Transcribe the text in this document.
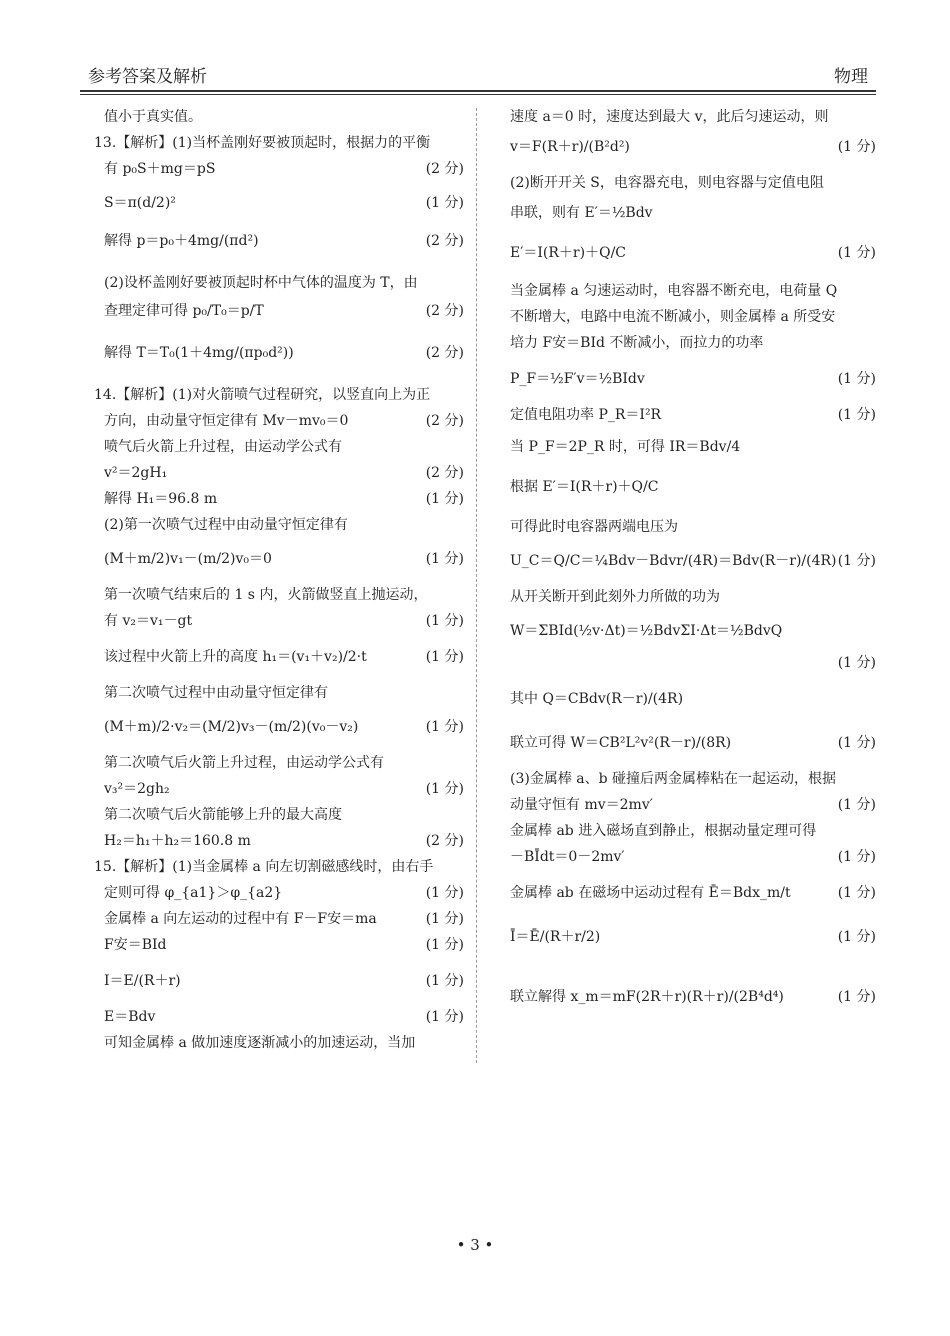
参考答案及解析	物理
值小于真实值。
13.【解析】(1)当杯盖刚好要被顶起时，根据力的平衡
有 p₀S＋mg＝pS	(2 分)
S＝π(d/2)²	(1 分)
解得 p＝p₀＋4mg/(πd²)	(2 分)
(2)设杯盖刚好要被顶起时杯中气体的温度为 T，由
查理定律可得 p₀/T₀＝p/T	(2 分)
解得 T＝T₀(1＋4mg/(πp₀d²))	(2 分)
14.【解析】(1)对火箭喷气过程研究，以竖直向上为正
方向，由动量守恒定律有 Mv－mv₀＝0	(2 分)
喷气后火箭上升过程，由运动学公式有
v²＝2gH₁	(2 分)
解得 H₁＝96.8 m	(1 分)
(2)第一次喷气过程中由动量守恒定律有
(M＋m/2)v₁－(m/2)v₀＝0	(1 分)
第一次喷气结束后的 1 s 内，火箭做竖直上抛运动，
有 v₂＝v₁－gt	(1 分)
该过程中火箭上升的高度 h₁＝(v₁＋v₂)/2·t	(1 分)
第二次喷气过程中由动量守恒定律有
(M＋m)/2·v₂＝(M/2)v₃－(m/2)(v₀－v₂)	(1 分)
第二次喷气后火箭上升过程，由运动学公式有
v₃²＝2gh₂	(1 分)
第二次喷气后火箭能够上升的最大高度
H₂＝h₁＋h₂＝160.8 m	(2 分)
15.【解析】(1)当金属棒 a 向左切割磁感线时，由右手
定则可得 φ_{a1}＞φ_{a2}	(1 分)
金属棒 a 向左运动的过程中有 F－F安＝ma	(1 分)
F安＝BId	(1 分)
I＝E/(R＋r)	(1 分)
E＝Bdv	(1 分)
可知金属棒 a 做加速度逐渐减小的加速运动，当加
速度 a＝0 时，速度达到最大 v，此后匀速运动，则
v＝F(R＋r)/(B²d²)	(1 分)
(2)断开开关 S，电容器充电，则电容器与定值电阻
串联，则有 E′＝½Bdv
E′＝I(R＋r)＋Q/C	(1 分)
当金属棒 a 匀速运动时，电容器不断充电，电荷量 Q
不断增大，电路中电流不断减小，则金属棒 a 所受安
培力 F安＝BId 不断减小，而拉力的功率
P_F＝½F′v＝½BIdv	(1 分)
定值电阻功率 P_R＝I²R	(1 分)
当 P_F＝2P_R 时，可得 IR＝Bdv/4
根据 E′＝I(R＋r)＋Q/C
可得此时电容器两端电压为
U_C＝Q/C＝¼Bdv－Bdvr/(4R)＝Bdv(R－r)/(4R) (1 分)
从开关断开到此刻外力所做的功为
W＝ΣBId(½v·Δt)＝½BdvΣI·Δt＝½BdvQ
(1 分)
其中 Q＝CBdv(R－r)/(4R)
联立可得 W＝CB²L²v²(R－r)/(8R)	(1 分)
(3)金属棒 a、b 碰撞后两金属棒粘在一起运动，根据
动量守恒有 mv＝2mv′	(1 分)
金属棒 ab 进入磁场直到静止，根据动量定理可得
－BĪdt＝0－2mv′	(1 分)
金属棒 ab 在磁场中运动过程有 Ē＝Bdx_m/t	(1 分)
Ī＝Ē/(R＋r/2)	(1 分)
联立解得 x_m＝mF(2R＋r)(R＋r)/(2B⁴d⁴)	(1 分)
• 3 •
